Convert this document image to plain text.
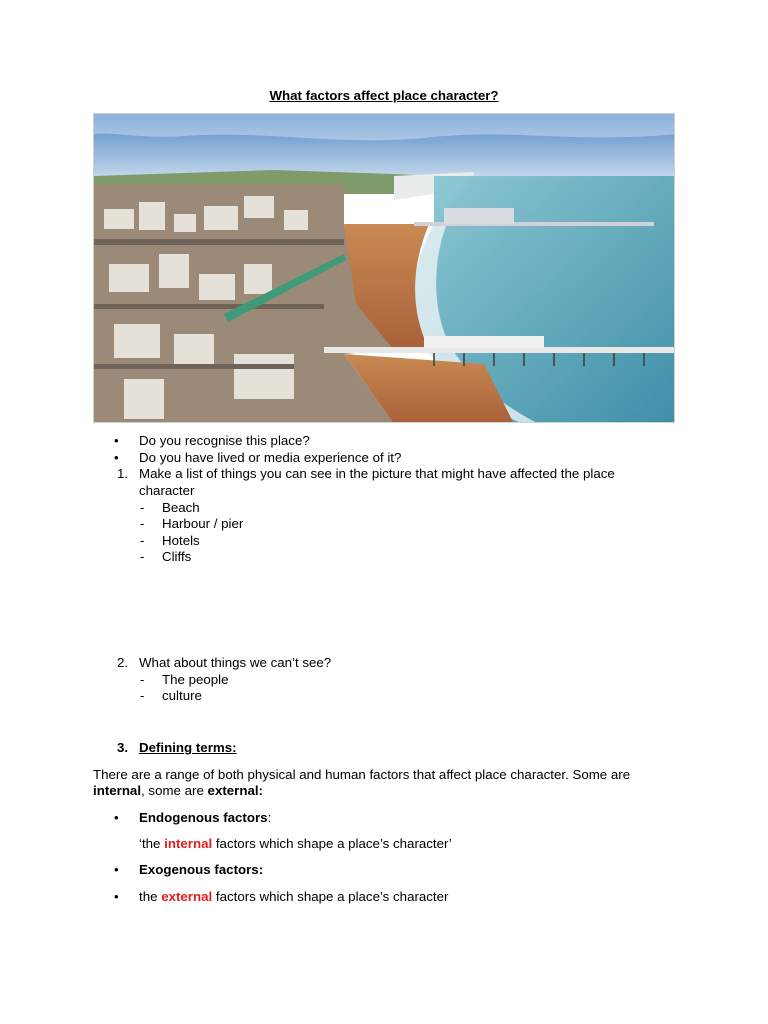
What factors affect place character?
• Do you recognise this place?
• Do you have lived or media experience of it?
1. Make a list of things you can see in the picture that might have affected the place
character
- Beach
- Harbour / pier
- Hotels
- Cliffs
2. What about things we can’t see?
- The people
- culture
3. Defining terms:
There are a range of both physical and human factors that affect place character. Some are
internal, some are external:
• Endogenous factors:
‘the internal factors which shape a place’s character’
• Exogenous factors:
• the external factors which shape a place’s character
